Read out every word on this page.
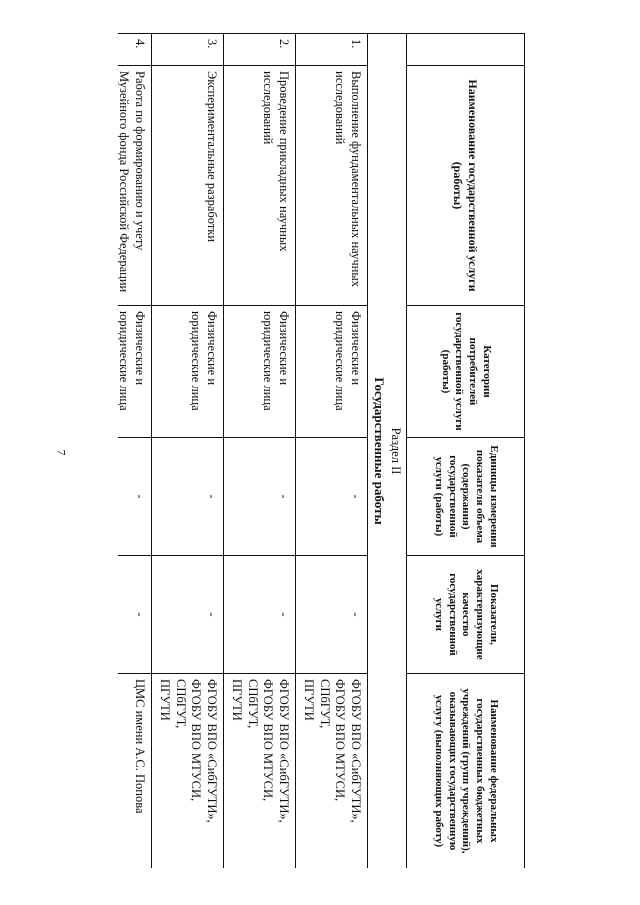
7
	Наименование государственной услуги (работы)	Категории потребителей государственной услуги (работы)	Единицы измерения показателя объема (содержания) государственной услуги (работы)	Показатели, характеризующие качество государственной услуги	Наименование федеральных государственных бюджетных учреждений (групп учреждений), оказывающих государственную услугу (выполняющих работу)

Раздел II
Государственные работы					

1.	Выполнение фундаментальных научных исследований	Физические и юридические лица	-	-	ФГОБУ ВПО «СибГУТИ»,
ФГОБУ ВПО МТУСИ,
СПбГУТ,
ПГУТИ

2.	Проведение прикладных научных исследований	Физические и юридические лица	-	-	ФГОБУ ВПО «СибГУТИ»,
ФГОБУ ВПО МТУСИ,
СПбГУТ,
ПГУТИ

3.	Экспериментальные разработки	Физические и юридические лица	-	-	ФГОБУ ВПО «СибГУТИ»,
ФГОБУ ВПО МТУСИ,
СПбГУТ,
ПГУТИ

4.	Работа по формированию и учету Музейного фонда Российской Федерации	Физические и юридические лица	-	-	ЦМС имени А.С. Попова
